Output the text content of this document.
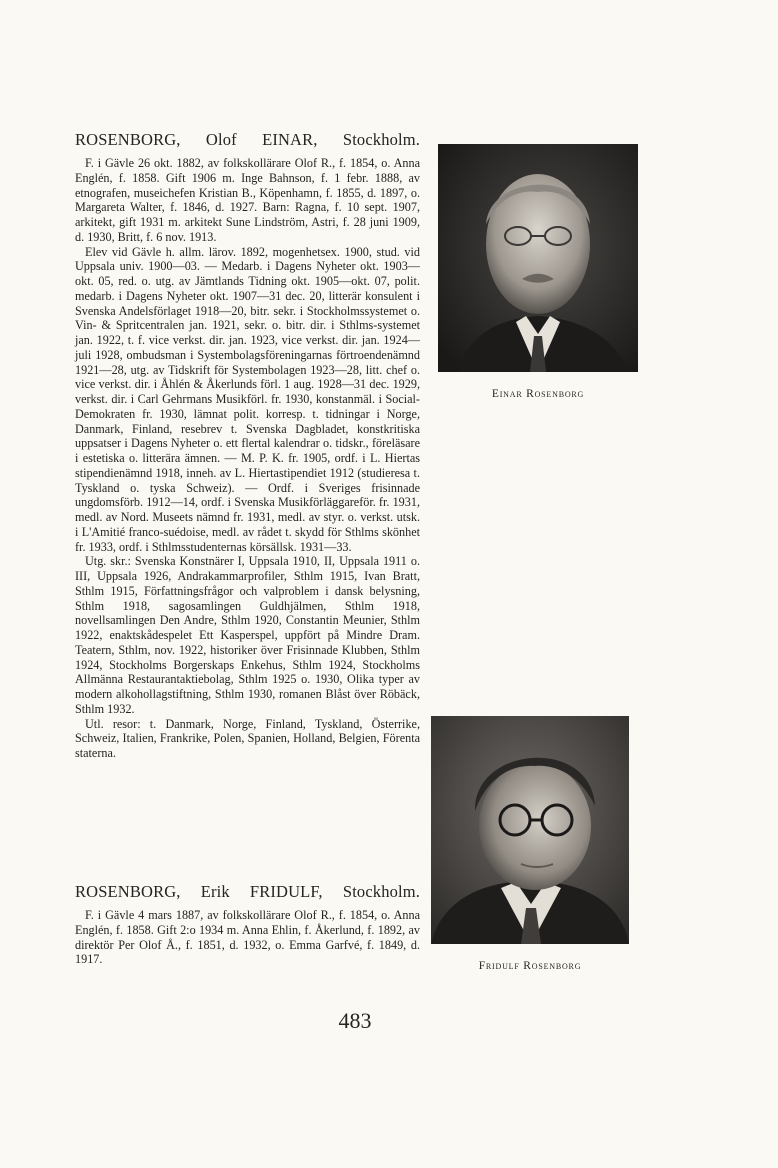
ROSENBORG, Olof EINAR, Stockholm.

F. i Gävle 26 okt. 1882, av folkskollärare Olof R., f. 1854, o. Anna Englén, f. 1858. Gift 1906 m. Inge Bahnson, f. 1 febr. 1888, av etnografen, museichefen Kristian B., Köpenhamn, f. 1855, d. 1897, o. Margareta Walter, f. 1846, d. 1927. Barn: Ragna, f. 10 sept. 1907, arkitekt, gift 1931 m. arkitekt Sune Lindström, Astri, f. 28 juni 1909, d. 1930, Britt, f. 6 nov. 1913.

Elev vid Gävle h. allm. lärov. 1892, mogenhetsex. 1900, stud. vid Uppsala univ. 1900—03. — Medarb. i Dagens Nyheter okt. 1903—okt. 05, red. o. utg. av Jämtlands Tidning okt. 1905—okt. 07, polit. medarb. i Dagens Nyheter okt. 1907—31 dec. 20, litterär konsulent i Svenska Andelsförlaget 1918—20, bitr. sekr. i Stockholmssystemet o. Vin- & Spritcentralen jan. 1921, sekr. o. bitr. dir. i Sthlms-systemet jan. 1922, t. f. vice verkst. dir. jan. 1923, vice verkst. dir. jan. 1924—juli 1928, ombudsman i Systembolagsföreningarnas förtroendenämnd 1921—28, utg. av Tidskrift för Systembolagen 1923—28, litt. chef o. vice verkst. dir. i Åhlén & Åkerlunds förl. 1 aug. 1928—31 dec. 1929, verkst. dir. i Carl Gehrmans Musikförl. fr. 1930, konstanmäl. i Social-Demokraten fr. 1930, lämnat polit. korresp. t. tidningar i Norge, Danmark, Finland, resebrev t. Svenska Dagbladet, konstkritiska uppsatser i Dagens Nyheter o. ett flertal kalendrar o. tidskr., föreläsare i estetiska o. litterära ämnen. — M. P. K. fr. 1905, ordf. i L. Hiertas stipendienämnd 1918, inneh. av L. Hiertastipendiet 1912 (studieresa t. Tyskland o. tyska Schweiz). — Ordf. i Sveriges frisinnade ungdomsförb. 1912—14, ordf. i Svenska Musikförläggareför. fr. 1931, medl. av Nord. Museets nämnd fr. 1931, medl. av styr. o. verkst. utsk. i L'Amitié franco-suédoise, medl. av rådet t. skydd för Sthlms skönhet fr. 1933, ordf. i Sthlmsstudenternas körsällsk. 1931—33.

Utg. skr.: Svenska Konstnärer I, Uppsala 1910, II, Uppsala 1911 o. III, Uppsala 1926, Andrakammarprofiler, Sthlm 1915, Ivan Bratt, Sthlm 1915, Författningsfrågor och valproblem i dansk belysning, Sthlm 1918, sagosamlingen Guldhjälmen, Sthlm 1918, novellsamlingen Den Andre, Sthlm 1920, Constantin Meunier, Sthlm 1922, enaktskådespelet Ett Kasperspel, uppfört på Mindre Dram. Teatern, Sthlm, nov. 1922, historiker över Frisinnade Klubben, Sthlm 1924, Stockholms Borgerskaps Enkehus, Sthlm 1924, Stockholms Allmänna Restaurantaktiebolag, Sthlm 1925 o. 1930, Olika typer av modern alkohollagstiftning, Sthlm 1930, romanen Blåst över Röbäck, Sthlm 1932.

Utl. resor: t. Danmark, Norge, Finland, Tyskland, Österrike, Schweiz, Italien, Frankrike, Polen, Spanien, Holland, Belgien, Förenta staterna.

ROSENBORG, Erik FRIDULF, Stockholm.

F. i Gävle 4 mars 1887, av folkskollärare Olof R., f. 1854, o. Anna Englén, f. 1858. Gift 2:o 1934 m. Anna Ehlin, f. Åkerlund, f. 1892, av direktör Per Olof Å., f. 1851, d. 1932, o. Emma Garfvé, f. 1849, d. 1917.

Einar Rosenborg
Fridulf Rosenborg
483
